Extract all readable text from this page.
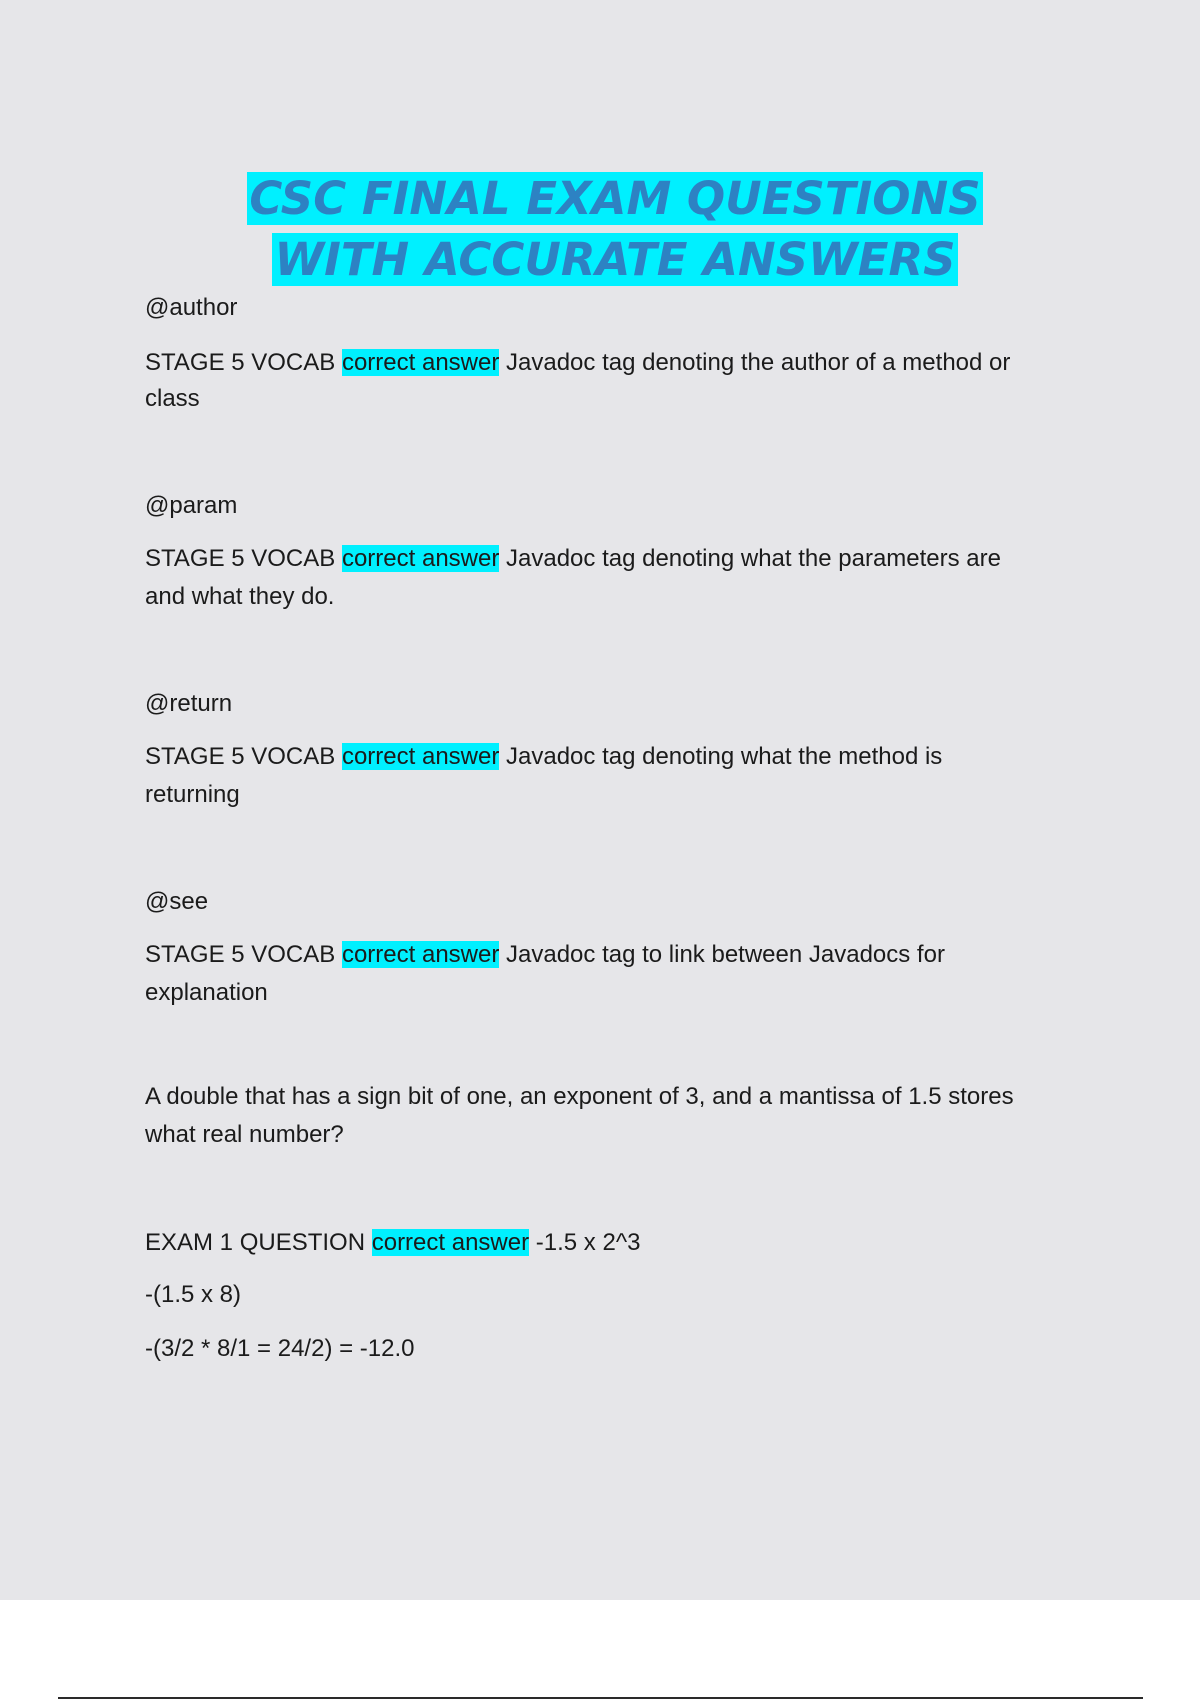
CSC FINAL EXAM QUESTIONS
WITH ACCURATE ANSWERS
@author
STAGE 5 VOCAB correct answer Javadoc tag denoting the author of a method or
class
@param
STAGE 5 VOCAB correct answer Javadoc tag denoting what the parameters are
and what they do.
@return
STAGE 5 VOCAB correct answer Javadoc tag denoting what the method is
returning
@see
STAGE 5 VOCAB correct answer Javadoc tag to link between Javadocs for
explanation
A double that has a sign bit of one, an exponent of 3, and a mantissa of 1.5 stores
what real number?
EXAM 1 QUESTION correct answer -1.5 x 2^3
-(1.5 x 8)
-(3/2 * 8/1 = 24/2) = -12.0
